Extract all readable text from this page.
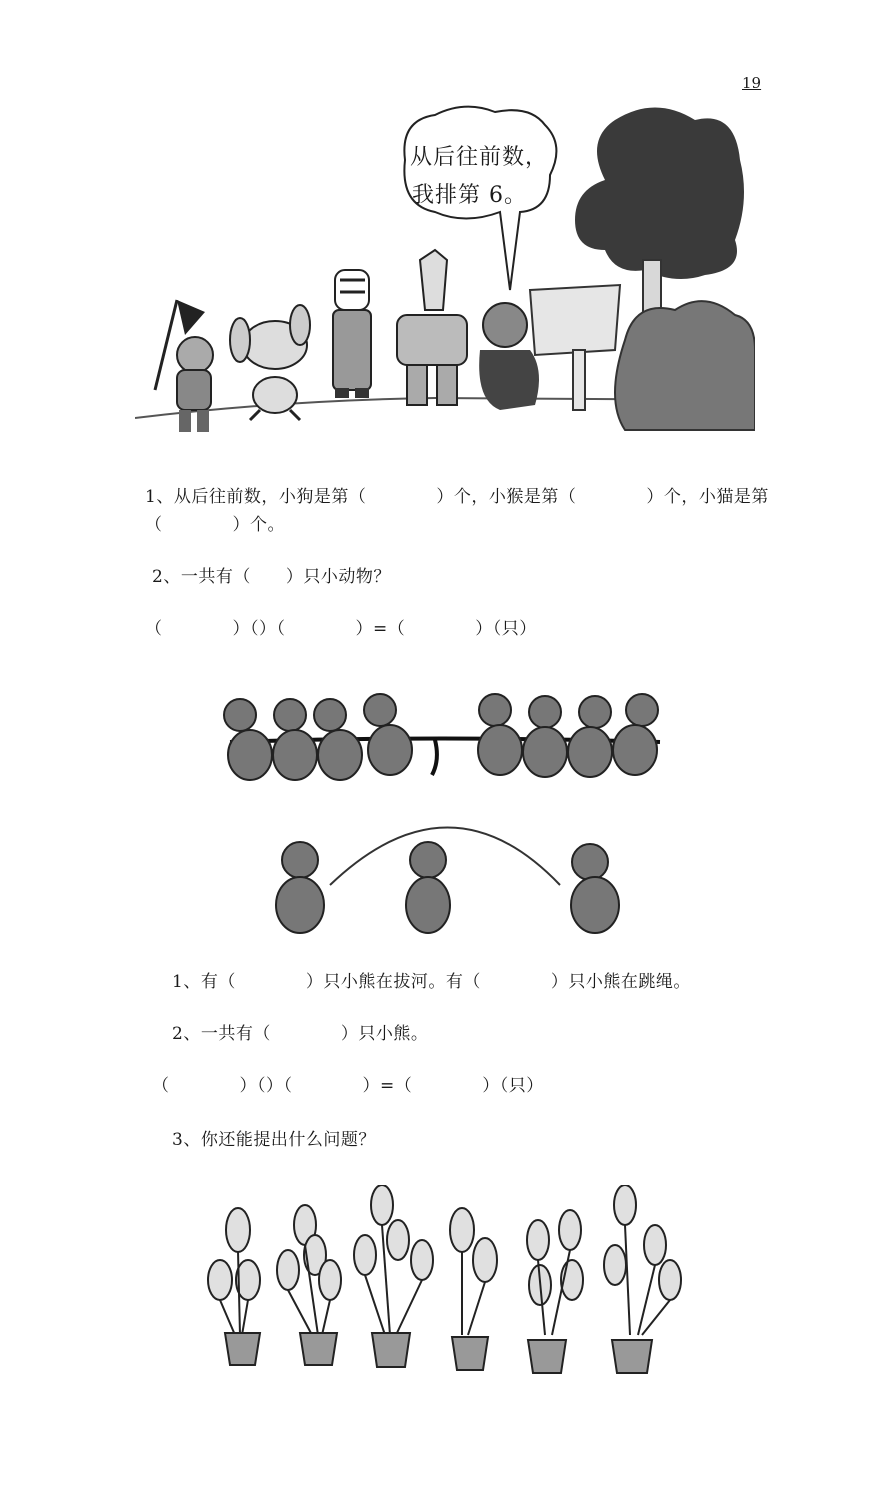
19
从后往前数，
我排第 6。
1、从后往前数，小狗是第（　　　　）个，小猴是第（　　　　）个，小猫是第
（　　　　）个。
2、一共有（　　）只小动物？
（　　　　）（）（　　　　）=（　　　　）（只）
1、有（　　　　）只小熊在拔河。有（　　　　）只小熊在跳绳。
2、一共有（　　　　）只小熊。
（　　　　）（）（　　　　）=（　　　　）（只）
3、你还能提出什么问题？
